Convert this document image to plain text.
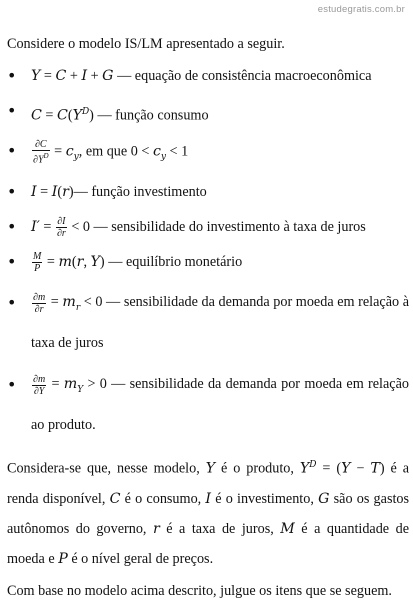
estudegratis.com.br

Considere o modelo IS/LM apresentado a seguir.

• Y = C + I + G — equação de consistência macroeconômica
• $C = C(Y^D)$ — função consumo
• $\frac{\partial C}{\partial Y^D} = c_y$, em que $0 < c_y < 1$
• I = I(r)— função investimento
• $I' = \frac{\partial I}{\partial r} < 0$ — sensibilidade do investimento à taxa de juros
• $\frac{M}{P} = m(r$, Y) — equilíbrio monetário
• $\frac{\partial m}{\partial r} = m_r < 0$ — sensibilidade da demanda por moeda em relação à taxa de juros
• $\frac{\partial m}{\partial Y} = m_Y > 0$ — sensibilidade da demanda por moeda em relação ao produto.

Considera-se que, nesse modelo, Y é o produto, $Y^D = (Y - T)$ é a renda disponível, C é o consumo, I é o investimento, G são os gastos autônomos do governo, r é a taxa de juros, M é a quantidade de moeda e P é o nível geral de preços.

Com base no modelo acima descrito, julgue os itens que se seguem.
